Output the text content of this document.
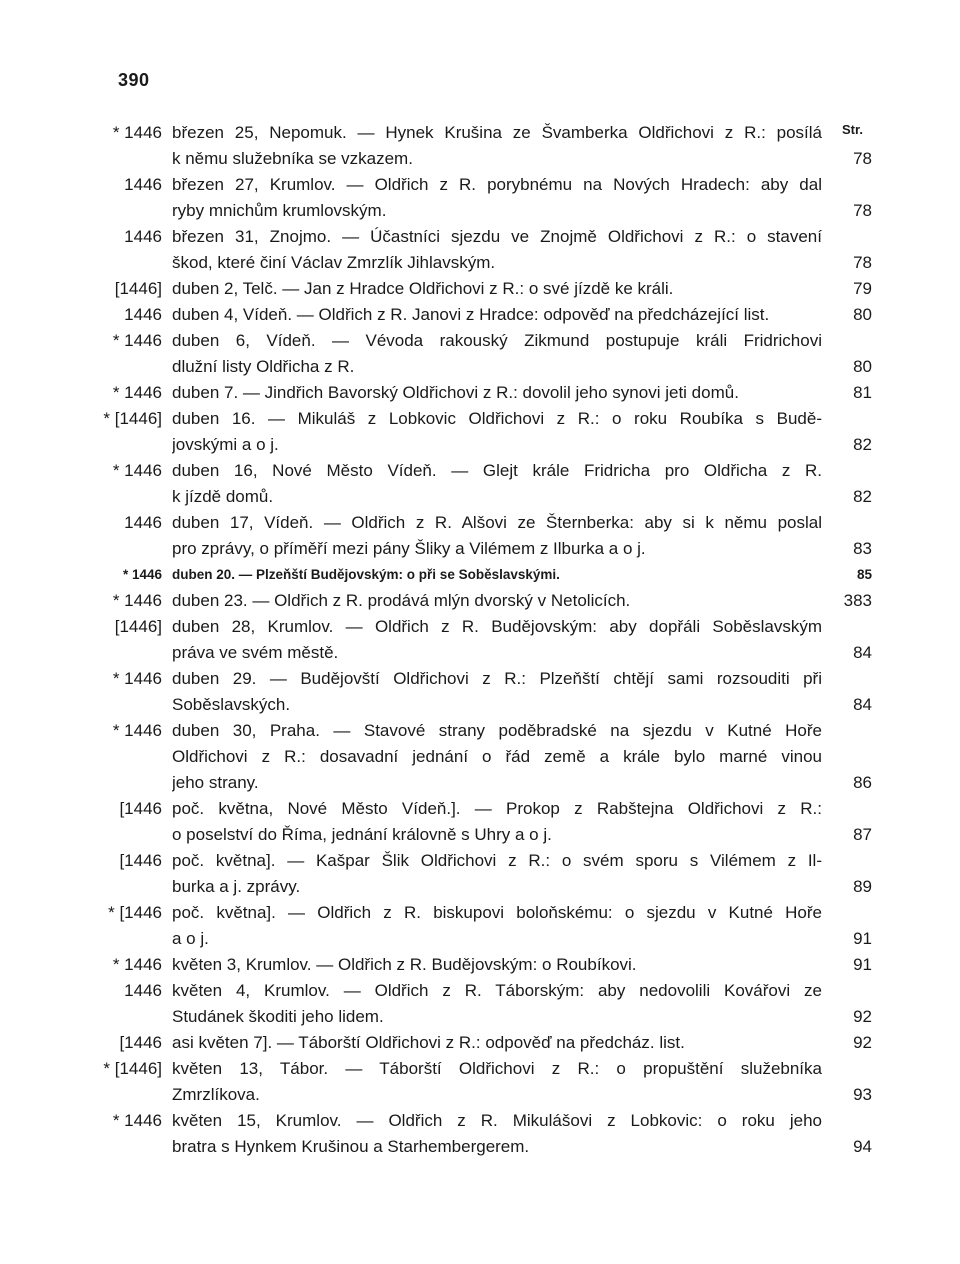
390
Str.
* 1446 březen 25, Nepomuk. — Hynek Krušina ze Švamberka Oldřichovi z R.: posílá
k němu služebníka se vzkazem.	78
1446 březen 27, Krumlov. — Oldřich z R. porybnému na Nových Hradech: aby dal
ryby mnichům krumlovským.	78
1446 březen 31, Znojmo. — Účastníci sjezdu ve Znojmě Oldřichovi z R.: o stavení
škod, které činí Václav Zmrzlík Jihlavským.	78
[1446] duben 2, Telč. — Jan z Hradce Oldřichovi z R.: o své jízdě ke králi.	79
1446 duben 4, Vídeň. — Oldřich z R. Janovi z Hradce: odpověď na předcházející list.	80
* 1446 duben 6, Vídeň. — Vévoda rakouský Zikmund postupuje králi Fridrichovi
dlužní listy Oldřicha z R.	80
* 1446 duben 7. — Jindřich Bavorský Oldřichovi z R.: dovolil jeho synovi jeti domů.	81
* [1446] duben 16. — Mikuláš z Lobkovic Oldřichovi z R.: o roku Roubíka s Budě-
jovskými a o j.	82
* 1446 duben 16, Nové Město Vídeň. — Glejt krále Fridricha pro Oldřicha z R.
k jízdě domů.	82
1446 duben 17, Vídeň. — Oldřich z R. Alšovi ze Šternberka: aby si k němu poslal
pro zprávy, o příměří mezi pány Šliky a Vilémem z Ilburka a o j.	83
* 1446 duben 20. — Plzeňští Budějovským: o při se Soběslavskými.	85
* 1446 duben 23. — Oldřich z R. prodává mlýn dvorský v Netolicích.	383
[1446] duben 28, Krumlov. — Oldřich z R. Budějovským: aby dopřáli Soběslavským
práva ve svém městě.	84
* 1446 duben 29. — Budějovští Oldřichovi z R.: Plzeňští chtějí sami rozsouditi při
Soběslavských.	84
* 1446 duben 30, Praha. — Stavové strany poděbradské na sjezdu v Kutné Hoře
Oldřichovi z R.: dosavadní jednání o řád země a krále bylo marné vinou
jeho strany.	86
[1446 poč. května, Nové Město Vídeň.]. — Prokop z Rabštejna Oldřichovi z R.:
o poselství do Říma, jednání královně s Uhry a o j.	87
[1446 poč. května]. — Kašpar Šlik Oldřichovi z R.: o svém sporu s Vilémem z Il-
burka a j. zprávy.	89
* [1446 poč. května]. — Oldřich z R. biskupovi boloňskému: o sjezdu v Kutné Hoře
a o j.	91
* 1446 květen 3, Krumlov. — Oldřich z R. Budějovským: o Roubíkovi.	91
1446 květen 4, Krumlov. — Oldřich z R. Táborským: aby nedovolili Kovářovi ze
Studánek škoditi jeho lidem.	92
[1446 asi květen 7]. — Táborští Oldřichovi z R.: odpověď na předcház. list.	92
* [1446] květen 13, Tábor. — Táborští Oldřichovi z R.: o propuštění služebníka
Zmrzlíkova.	93
* 1446 květen 15, Krumlov. — Oldřich z R. Mikulášovi z Lobkovic: o roku jeho
bratra s Hynkem Krušinou a Starhembergerem.	94
